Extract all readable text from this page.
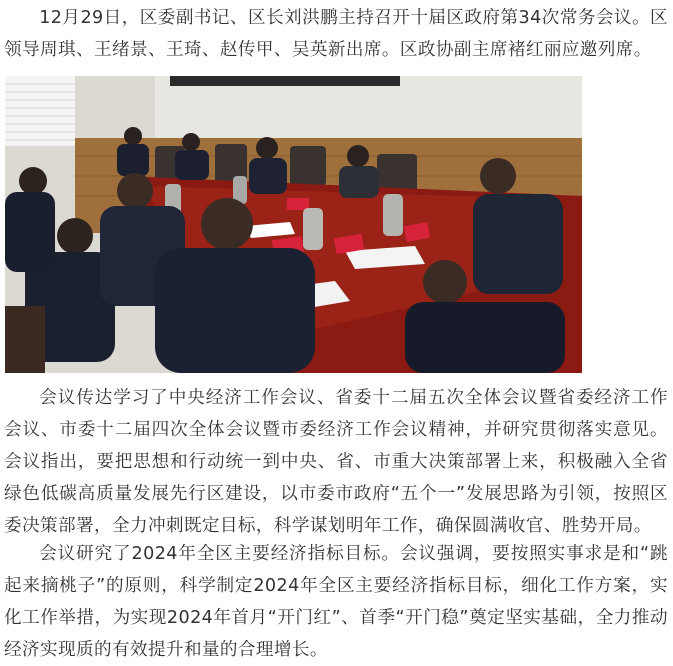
12月29日，区委副书记、区长刘洪鹏主持召开十届区政府第34次常务会议。区领导周琪、王绪景、王琦、赵传甲、吴英新出席。区政协副主席褚红丽应邀列席。

会议传达学习了中央经济工作会议、省委十二届五次全体会议暨省委经济工作会议、市委十二届四次全体会议暨市委经济工作会议精神，并研究贯彻落实意见。会议指出，要把思想和行动统一到中央、省、市重大决策部署上来，积极融入全省绿色低碳高质量发展先行区建设，以市委市政府“五个一”发展思路为引领，按照区委决策部署，全力冲刺既定目标，科学谋划明年工作，确保圆满收官、胜势开局。

会议研究了2024年全区主要经济指标目标。会议强调，要按照实事求是和“跳起来摘桃子”的原则，科学制定2024年全区主要经济指标目标，细化工作方案，实化工作举措，为实现2024年首月“开门红”、首季“开门稳”奠定坚实基础，全力推动经济实现质的有效提升和量的合理增长。
